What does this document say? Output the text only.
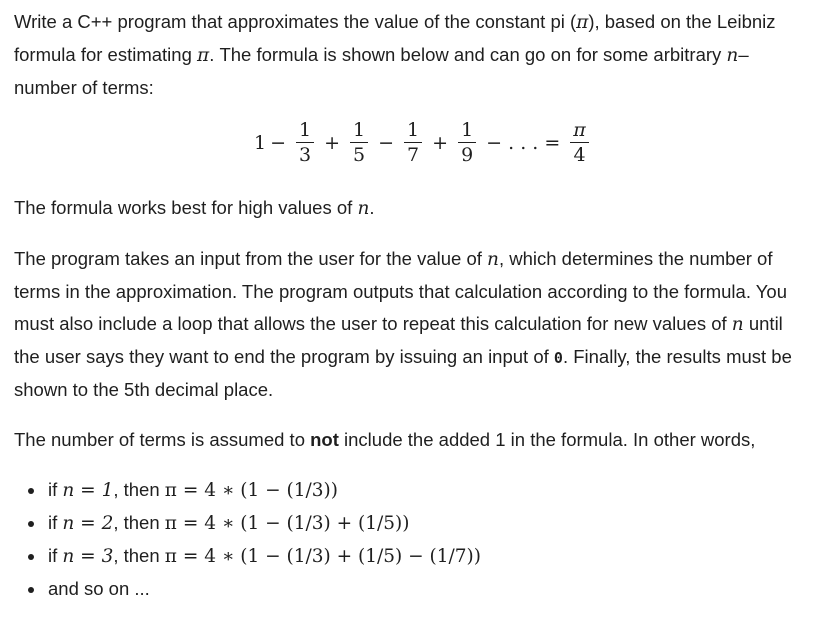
Write a C++ program that approximates the value of the constant pi (π), based on the Leibniz formula for estimating π. The formula is shown below and can go on for some arbitrary n–number of terms:

$1 - \frac{1}{3} + \frac{1}{5} - \frac{1}{7} + \frac{1}{9}$ − . . . = $\frac{\pi}{4}$

The formula works best for high values of n.

The program takes an input from the user for the value of n, which determines the number of terms in the approximation. The program outputs that calculation according to the formula. You must also include a loop that allows the user to repeat this calculation for new values of n until the user says they want to end the program by issuing an input of 0. Finally, the results must be shown to the 5th decimal place.

The number of terms is assumed to not include the added 1 in the formula. In other words,

if n = 1, then π = 4 ∗ (1 − (1/3))
if n = 2, then π = 4 ∗ (1 − (1/3) + (1/5))
if n = 3, then π = 4 ∗ (1 − (1/3) + (1/5) − (1/7))
and so on ...
